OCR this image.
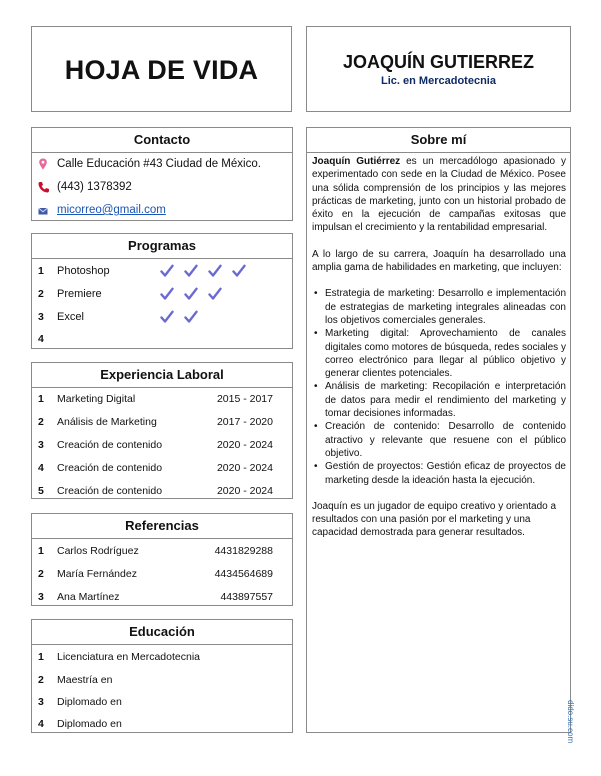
HOJA DE VIDA	JOAQUÍN GUTIERREZ
Lic. en Mercadotecnia
Contacto
Calle Educación #43 Ciudad de México.
(443) 1378392
micorreo@gmail.com
Programas
1	Photoshop
2	Premiere
3	Excel
4
Experiencia Laboral
1	Marketing Digital	2015 - 2017
2	Análisis de Marketing	2017 - 2020
3	Creación de contenido	2020 - 2024
4	Creación de contenido	2020 - 2024
5	Creación de contenido	2020 - 2024
Referencias
1	Carlos Rodríguez	4431829288
2	María Fernández	4434564689
3	Ana Martínez	443897557
Educación
1	Licenciatura en Mercadotecnia
2	Maestría en
3	Diplomado en
4	Diplomado en
Sobre mí

Joaquín Gutiérrez es un mercadólogo apasionado y experimentado con sede en la Ciudad de México. Posee una sólida comprensión de los principios y las mejores prácticas de marketing, junto con un historial probado de éxito en la ejecución de campañas exitosas que impulsan el crecimiento y la rentabilidad empresarial.

A lo largo de su carrera, Joaquín ha desarrollado una amplia gama de habilidades en marketing, que incluyen:

• Estrategia de marketing: Desarrollo e implementación de estrategias de marketing integrales alineadas con los objetivos comerciales generales.
• Marketing digital: Aprovechamiento de canales digitales como motores de búsqueda, redes sociales y correo electrónico para llegar al público objetivo y generar clientes potenciales.
• Análisis de marketing: Recopilación e interpretación de datos para medir el rendimiento del marketing y tomar decisiones informadas.
• Creación de contenido: Desarrollo de contenido atractivo y relevante que resuene con el público objetivo.
• Gestión de proyectos: Gestión eficaz de proyectos de marketing desde la ideación hasta la ejecución.

Joaquín es un jugador de equipo creativo y orientado a resultados con una pasión por el marketing y una capacidad demostrada para generar resultados.

dido.su.com
